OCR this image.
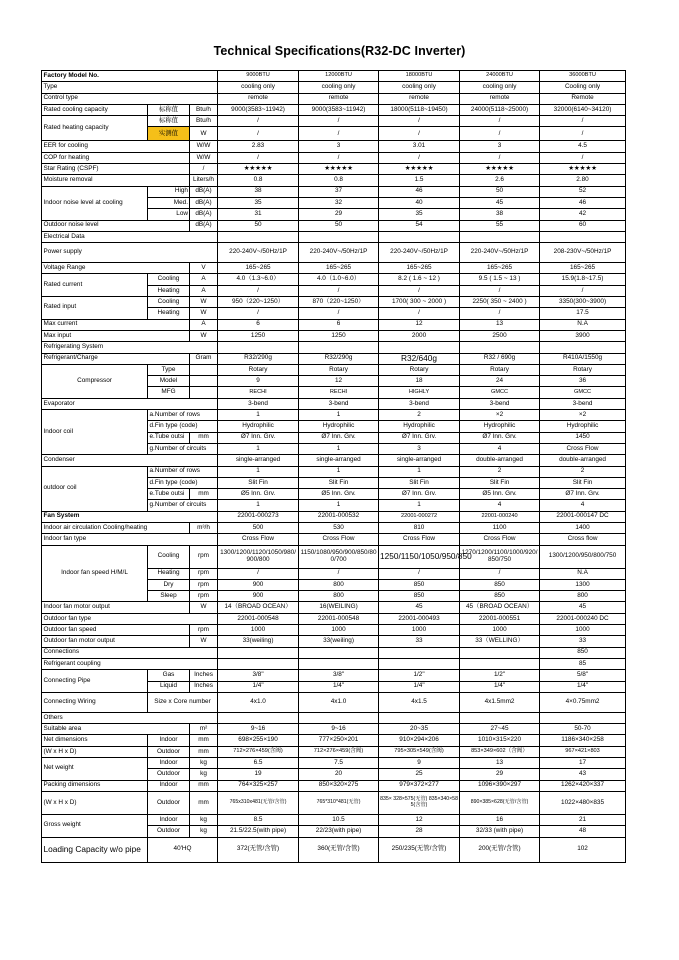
Technical Specifications(R32-DC Inverter)
Factory Model No.			9000BTU	12000BTU	18000BTU	24000BTU	36000BTU
Type			cooling only	cooling only	cooling only	cooling only	Cooling only
Control type			remote	remote	remote	remote	Remote
Rated cooling capacity	标称值	Btu/h	9000(3583~11942)	9000(3583~11942)	18000(5118~19450)	24000(5118~25000)	32000(6140~34120)
Rated heating capacity	标称值	Btu/h	/	/	/	/	/
	实测值	W	/	/	/	/	/
EER for cooling		W/W	2.83	3	3.01	3	4.5
COP for heating		W/W	/	/	/	/	/
Star Rating (CSPF)		/	★★★★★	★★★★★	★★★★★	★★★★★	★★★★★
Moisture removal		Liters/h	0.8	0.8	1.5	2.6	2.80
Indoor noise level at cooling	High	dB(A)	38	37	46	50	52
	Med.	dB(A)	35	32	40	45	46
	Low	dB(A)	31	29	35	38	42
Outdoor noise level		dB(A)	50	50	54	55	60
Electrical Data							
Power supply			220-240V~/50Hz/1P	220-240V~/50Hz/1P	220-240V~/50Hz/1P	220-240V~/50Hz/1P	208-230V~/50Hz/1P
Voltage Range		V	165~265	165~265	165~265	165~265	165~265
Rated current	Cooling	A	4.0（1.3~6.0）	4.0（1.0~6.0）	8.2 ( 1.6 ~ 12 )	9.5 ( 1.5 ~ 13 )	15.9(1.8~17.5)
	Heating	A	/	/	/	/	/
Rated input	Cooling	W	950（220~1250）	870（220~1250）	1700( 300 ~ 2000 )	2250( 350 ~ 2400 )	3350(300~3900)
	Heating	W	/	/	/	/	17.5
Max current		A	6	6	12	13	N.A
Max input		W	1250	1250	2000	2500	3900
Refrigerating System							
Refrigerant/Charge		Gram	R32/290g	R32/290g	R32/640g	R32 / 690g	R410A/1550g
Compressor	Type		Rotary	Rotary	Rotary	Rotary	Rotary
	Model		9	12	18	24	36
	MFG		RECHI	RECHI	HIGHLY	GMCC	GMCC
Evaporator			3-bend	3-bend	3-bend	3-bend	3-bend
Indoor coil	a.Number of rows		1	1	2	×2	×2
	d.Fin type (code)		Hydrophilic	Hydrophilic	Hydrophilic	Hydrophilic	Hydrophilic
	e.Tube outsi	mm	Ø7 Inn. Grv.	Ø7 Inn. Grv.	Ø7 Inn. Grv.	Ø7 Inn. Grv.	1450
	g.Number of circuits		1	1	3	4	Cross Flow
Condenser			single-arranged	single-arranged	single-arranged	double-arranged	double-arranged
outdoor coil	a.Number of rows		1	1	1	2	2
	d.Fin type (code)		Slit Fin	Slit Fin	Slit Fin	Slit Fin	Slit Fin
	e.Tube outsi	mm	Ø5 Inn. Grv.	Ø5 Inn. Grv.	Ø7 Inn. Grv.	Ø5 Inn. Grv.	Ø7 Inn. Grv.
	g.Number of circuits		1	1	1	4	4
Fan System			22001-000273	22001-000532	22001-000272	22001-000240	22001-000147 DC
Indoor air circulation Cooling/heating		m³/h	500	530	810	1100	1400
Indoor fan type			Cross Flow	Cross Flow	Cross Flow	Cross Flow	Cross flow
Indoor fan speed H/M/L	Cooling	rpm	1300/1200/1120/1050/980/900/800	1150/1080/950/900/850/800/700	1250/1150/1050/950/850	1270/1200/1100/1000/920/850/750	1300/1200/950/800/750
	Heating	rpm	/	/	/	/	N.A
	Dry	rpm	900	800	850	850	1300
	Sleep	rpm	900	800	850	850	800
Indoor fan motor output		W	14（BROAD OCEAN）	16(WEILING)	45	45（BROAD OCEAN）	45
Outdoor fan type			22001-000548	22001-000548	22001-000493	22001-000551	22001-000240 DC
Outdoor fan speed		rpm	1000	1000	1000	1000	1000
Outdoor fan motor output		W	33(weiling)	33(weiling)	33	33（WELLING）	33
Connections							850
Refrigerant coupling							85
Connecting Pipe	Gas	Inches	3/8"	3/8"	1/2"	1/2"	5/8"
	Liquid	Inches	1/4"	1/4"	1/4"	1/4"	1/4"
Connecting Wiring	Size x Core number		4x1.0	4x1.0	4x1.5	4x1.5mm2	4×0.75mm2
Others							
Suitable area		m²	9~16	9~16	20~35	27~45	50-70
Net dimensions	Indoor	mm	698×255×190	777×250×201	910×294×206	1010×315×220	1186×340×258
(W x H x D)	Outdoor	mm	712×276×459(含阀)	712×276×459(含阀)	795×305×549(含阀)	853×349×602（含阀）	967×421×803
Net weight	Indoor	kg	6.5	7.5	9	13	17
	Outdoor	kg	19	20	25	29	43
Packing dimensions	Indoor	mm	764×325×257	850×320×275	979×372×277	1096×390×297	1262×420×337
(W x H x D)	Outdoor	mm	765x310x481(无管/含管)	765*310*481(无管)	835× 328×575(无管) 835×340×585(含管)	890×385×628(无管/含管)	1022×480×835
Gross weight	Indoor	kg	8.5	10.5	12	16	21
	Outdoor	kg	21.5/22.5(with pipe)	22/23(with pipe)	28	32/33 (with pipe)	48
Loading Capacity w/o pipe	40'HQ		372(无管/含管)	360(无管/含管)	250/235(无管/含管)	200(无管/含管)	102
